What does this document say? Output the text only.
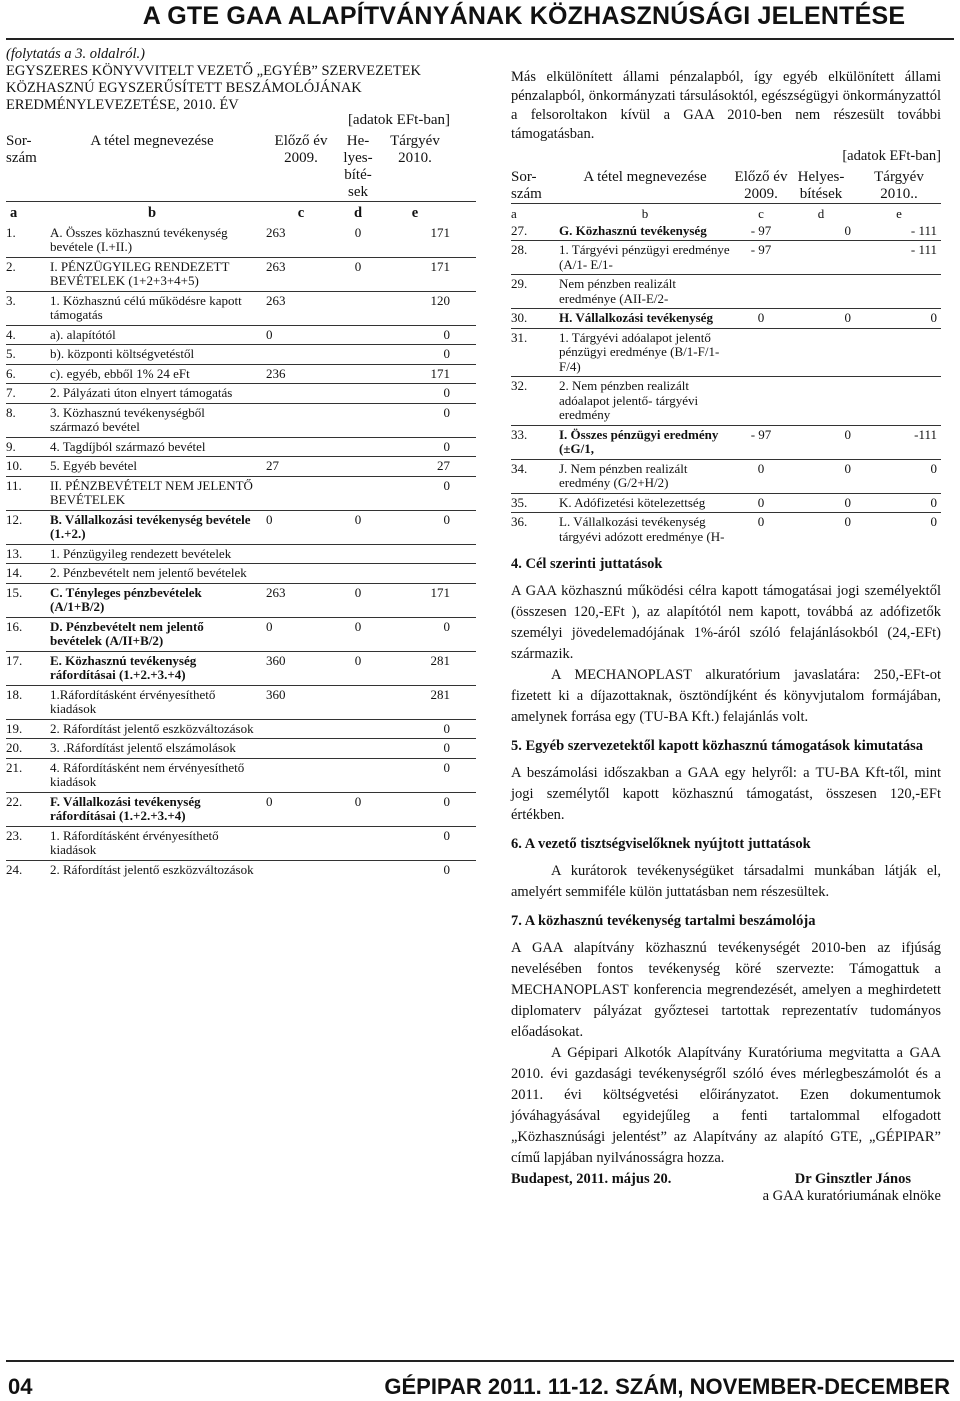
A GTE GAA ALAPÍTVÁNYÁNAK KÖZHASZNÚSÁGI JELENTÉSE
(folytatás a 3. oldalról.)
EGYSZERES KÖNYVVITELT VEZETŐ „EGYÉB” SZERVEZETEK KÖZHASZNÚ EGYSZERŰSÍTETT BESZÁMOLÓJÁNAK EREDMÉNYLEVEZETÉSE, 2010. ÉV
[adatok EFt-ban]
Sor-szám	A tétel megnevezése	Előző év 2009.	He-lyes-bíté-sek	Tárgyév 2010.
a	b	c	d	e
1.	A. Összes közhasznú tevékenység bevétele (I.+II.)	263	0	171
2.	I. PÉNZÜGYILEG RENDEZETT BEVÉTELEK (1+2+3+4+5)	263	0	171
3.	1. Közhasznú célú működésre kapott támogatás	263		120
4.	a). alapítótól	0		0
5.	b). központi költségvetéstől			0
6.	c). egyéb, ebből 1% 24 eFt	236		171
7.	2. Pályázati úton elnyert támogatás			0
8.	3. Közhasznú tevékenységből származó bevétel			0
9.	4. Tagdíjból származó bevétel			0
10.	5. Egyéb bevétel	27		27
11.	II. PÉNZBEVÉTELT NEM JELENTŐ BEVÉTELEK			0
12.	B. Vállalkozási tevékenység bevétele (1.+2.)	0	0	0
13.	1. Pénzügyileg rendezett bevételek			
14.	2. Pénzbevételt nem jelentő bevételek			
15.	C. Tényleges pénzbevételek (A/1+B/2)	263	0	171
16.	D. Pénzbevételt nem jelentő bevételek (A/II+B/2)	0	0	0
17.	E. Közhasznú tevékenység ráfordításai (1.+2.+3.+4)	360	0	281
18.	1.Ráfordításként érvényesíthető kiadások	360		281
19.	2. Ráfordítást jelentő eszközváltozások			0
20.	3. .Ráfordítást jelentő elszámolások			0
21.	4. Ráfordításként nem érvényesíthető kiadások			0
22.	F. Vállalkozási tevékenység ráfordításai (1.+2.+3.+4)	0	0	0
23.	1. Ráfordításként érvényesíthető kiadások			0
24.	2. Ráfordítást jelentő eszközváltozások			0

Más elkülönített állami pénzalapból, így egyéb elkülönített állami pénzalapból, önkormányzati társulásoktól, egészségügyi önkormányzattól a felsoroltakon kívül a GAA 2010-ben nem részesült további támogatásban.

[adatok EFt-ban]
Sor-szám	A tétel megnevezése	Előző év 2009.	Helyes-bítések	Tárgyév 2010..
a	b	c	d	e
27.	G. Közhasznú tevékenység	- 97	0	- 111
28.	1. Tárgyévi pénzügyi eredménye (A/1- E/1-	- 97		- 111
29.	Nem pénzben realizált eredménye (AII-E/2-			
30.	H. Vállalkozási tevékenység	0	0	0
31.	1. Tárgyévi adóalapot jelentő pénzügyi eredménye (B/1-F/1-F/4)			
32.	2. Nem pénzben realizált adóalapot jelentő- tárgyévi eredmény			
33.	I. Összes pénzügyi eredmény (±G/1,	- 97	0	-111
34.	J. Nem pénzben realizált eredmény (G/2+H/2)	0	0	0
35.	K. Adófizetési kötelezettség	0	0	0
36.	L. Vállalkozási tevékenység tárgyévi adózott eredménye (H-	0	0	0

4. Cél szerinti juttatások

A GAA közhasznú működési célra kapott támogatásai jogi személyektől (összesen 120,-EFt ), az alapítótól nem kapott, továbbá az adófizetők személyi jövedelemadójának 1%-áról szóló felajánlásokból (24,-EFt) származik.

A MECHANOPLAST alkuratórium javaslatára: 250,-EFt-ot fizetett ki a díjazottaknak, ösztöndíjként és könyvjutalom formájában, amelynek forrása egy (TU-BA Kft.) felajánlás volt.

5. Egyéb szervezetektől kapott közhasznú támogatások kimutatása

A beszámolási időszakban a GAA egy helyről: a TU-BA Kft-től, mint jogi személytől kapott közhasznú támogatást, összesen 120,-EFt értékben.

6. A vezető tisztségviselőknek nyújtott juttatások

A kurátorok tevékenységüket társadalmi munkában látják el, amelyért semmiféle külön juttatásban nem részesültek.

7. A közhasznú tevékenység tartalmi beszámolója

A GAA alapítvány közhasznú tevékenységét 2010-ben az ifjúság nevelésében fontos tevékenység köré szervezte: Támogattuk a MECHANOPLAST konferencia megrendezését, amelyen a meghirdetett diplomaterv pályázat győztesei tartottak reprezentatív tudományos előadásokat.

A Gépipari Alkotók Alapítvány Kuratóriuma megvitatta a GAA 2010. évi gazdasági tevékenységről szóló éves mérlegbeszámolót és a 2011. évi költségvetési előirányzatot. Ezen dokumentumok jóváhagyásával egyidejűleg a fenti tartalommal elfogadott „Közhasznúsági jelentést” az Alapítvány az alapító GTE, „GÉPIPAR” című lapjában nyilvánosságra hozza.

Budapest, 2011. május 20.	Dr Ginsztler János
a GAA kuratóriumának elnöke
04	GÉPIPAR 2011. 11-12. SZÁM, NOVEMBER-DECEMBER
